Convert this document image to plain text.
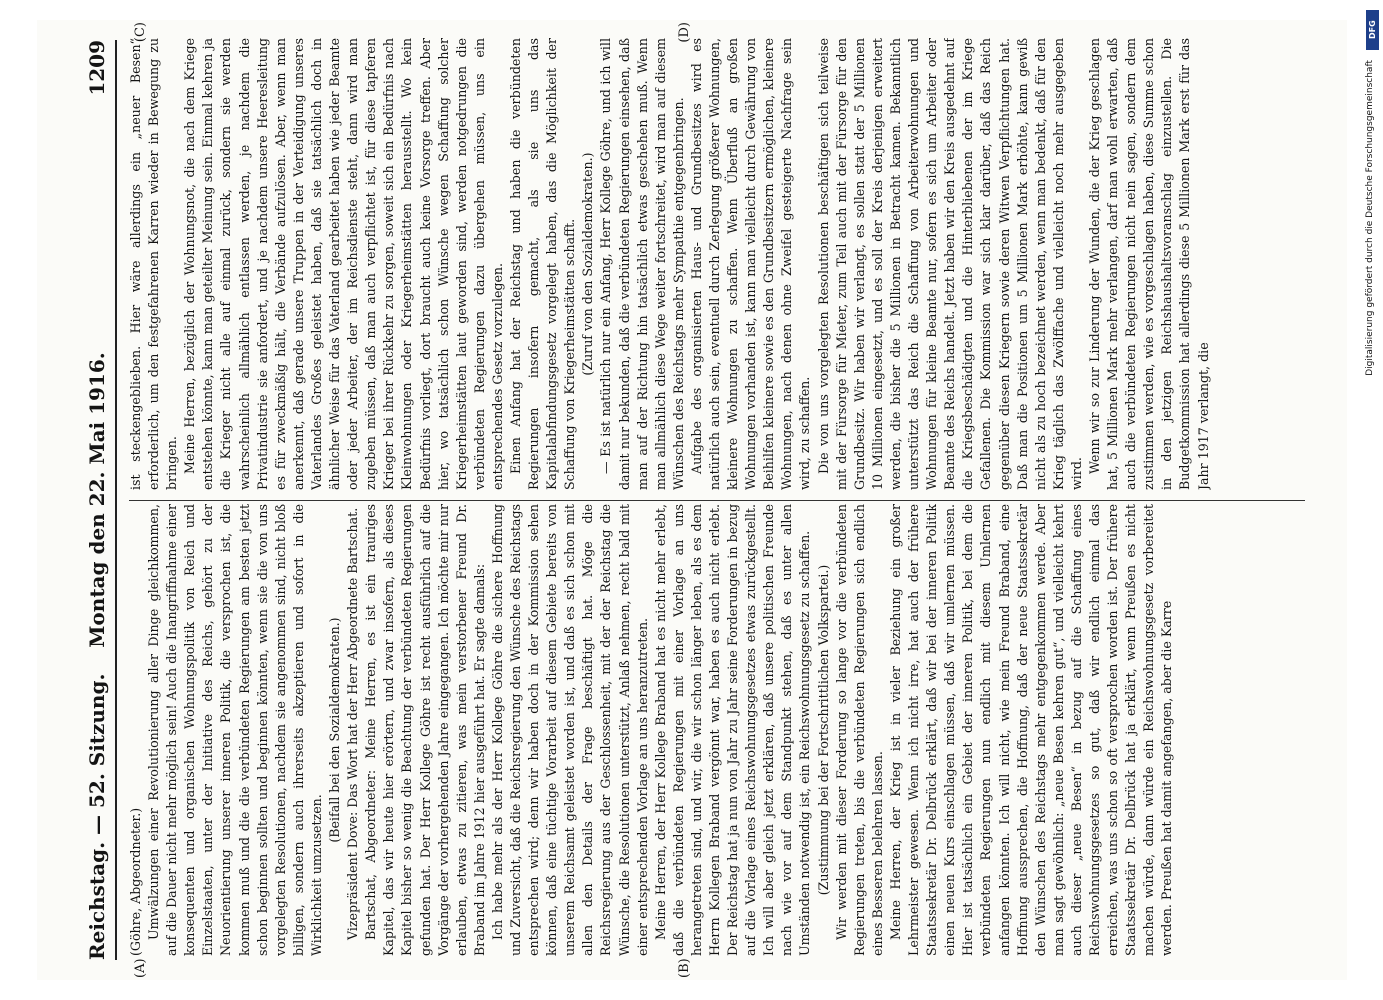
Reichstag. — 52. Sitzung.
Montag den 22. Mai 1916.
1209

(Göhre, Abgeordneter.) Umwälzungen einer Revolutionierung aller Dinge gleichkommen, auf die Dauer nicht mehr möglich sein! Auch die Inangriffnahme einer konsequenten und organischen Wohnungspolitik von Reich und Einzelstaaten, unter der Initiative des Reichs, gehört zu der Neuorientierung unserer inneren Politik, die versprochen ist, die kommen muß und die die verbündeten Regierungen am besten jetzt schon beginnen sollten und beginnen könnten, wenn sie die von uns vorgelegten Resolutionen, nachdem sie angenommen sind, nicht bloß billigen, sondern auch ihrerseits akzeptieren und sofort in die Wirklichkeit umzusetzen.

(Beifall bei den Sozialdemokraten.) Vizepräsident Dove: Das Wort hat der Herr Abgeordnete Bartschat. Bartschat, Abgeordneter: Meine Herren, es ist ein trauriges Kapitel, das wir heute hier erörtern, und zwar insofern, als dieses Kapitel bisher so wenig die Beachtung der verbündeten Regierungen gefunden hat. Der Herr Kollege Göhre ist recht ausführlich auf die Vorgänge der vorhergehenden Jahre eingegangen. Ich möchte mir nur erlauben, etwas zu zitieren, was mein verstorbener Freund Dr. Braband im Jahre 1912 hier ausgeführt hat. Er sagte damals: Ich habe mehr als der Herr Kollege Göhre die sichere Hoffnung und Zuversicht, daß die Reichsregierung den Wünsche des Reichstags entsprechen wird; denn wir haben doch in der Kommission sehen können, daß eine tüchtige Vorarbeit auf diesem Gebiete bereits von unserem Reichsamt geleistet worden ist, und daß es sich schon mit allen den Details der Frage beschäftigt hat. Möge die Reichsregierung aus der Geschlossenheit, mit der der Reichstag die Wünsche, die Resolutionen unterstützt, Anlaß nehmen, recht bald mit einer entsprechenden Vorlage an uns heranzutreten. Meine Herren, der Herr Kollege Braband hat es nicht mehr erlebt, daß die verbündeten Regierungen mit einer Vorlage an uns herangetreten sind, und wir, die wir schon länger leben, als es dem Herrn Kollegen Braband vergönnt war, haben es auch nicht erlebt. Der Reichstag hat ja nun von Jahr zu Jahr seine Forderungen in bezug auf die Vorlage eines Reichswohnungsgesetzes etwas zurückgestellt. Ich will aber gleich jetzt erklären, daß unsere politischen Freunde nach wie vor auf dem Standpunkt stehen, daß es unter allen Umständen notwendig ist, ein Reichswohnungsgesetz zu schaffen. (Zustimmung bei der Fortschrittlichen Volkspartei.) Wir werden mit dieser Forderung so lange vor die verbündeten Regierungen treten, bis die verbündeten Regierungen sich endlich eines Besseren belehren lassen. Meine Herren, der Krieg ist in vieler Beziehung ein großer Lehrmeister gewesen. Wenn ich nicht irre, hat auch der frühere Staatssekretär Dr. Delbrück erklärt, daß wir bei der inneren Politik einen neuen Kurs einschlagen müssen, daß wir umlernen müssen. Hier ist tatsächlich ein Gebiet der inneren Politik, bei dem die verbündeten Regierungen nun endlich mit diesem Umlernen anfangen könnten. Ich will nicht, wie mein Freund Braband, eine Hoffnung aussprechen, die Hoffnung, daß der neue Staatssekretär den Wünschen des Reichstags mehr entgegenkommen werde. Aber man sagt gewöhnlich: „neue Besen kehren gut“, und vielleicht kehrt auch dieser „neue Besen“ in bezug auf die Schaffung eines Reichswohnungsgesetzes so gut, daß wir endlich einmal das erreichen, was uns schon so oft versprochen worden ist. Der frühere Staatssekretär Dr. Delbrück hat ja erklärt, wenn Preußen es nicht machen würde, dann würde ein Reichswohnungsgesetz vorbereitet werden. Preußen hat damit angefangen, aber die Karre

ist steckengeblieben. Hier wäre allerdings ein „neuer Besen“ erforderlich, um den festgefahrenen Karren wieder in Bewegung zu bringen. Meine Herren, bezüglich der Wohnungsnot, die nach dem Kriege entstehen könnte, kann man geteilter Meinung sein. Einmal kehren ja die Krieger nicht alle auf einmal zurück, sondern sie werden wahrscheinlich allmählich entlassen werden, je nachdem die Privatindustrie sie anfordert, und je nachdem unsere Heeresleitung es für zweckmäßig hält, die Verbände aufzulösen. Aber, wenn man anerkennt, daß gerade unsere Truppen in der Verteidigung unseres Vaterlandes Großes geleistet haben, daß sie tatsächlich doch in ähnlicher Weise für das Vaterland gearbeitet haben wie jeder Beamte oder jeder Arbeiter, der im Reichsdienste steht, dann wird man zugeben müssen, daß man auch verpflichtet ist, für diese tapferen Krieger bei ihrer Rückkehr zu sorgen, soweit sich ein Bedürfnis nach Kleinwohnungen oder Kriegerheimstätten herausstellt. Wo kein Bedürfnis vorliegt, dort braucht auch keine Vorsorge treffen. Aber hier, wo tatsächlich schon Wünsche wegen Schaffung solcher Kriegerheimstätten laut geworden sind, werden notgedrungen die verbündeten Regierungen dazu übergehen müssen, uns ein entsprechendes Gesetz vorzulegen. Einen Anfang hat der Reichstag und haben die verbündeten Regierungen insofern gemacht, als sie uns das Kapitalabfindungsgesetz vorgelegt haben, das die Möglichkeit der Schaffung von Kriegerheimstätten schafft. (Zuruf von den Sozialdemokraten.) — Es ist natürlich nur ein Anfang, Herr Kollege Göhre, und ich will damit nur bekunden, daß die verbündeten Regierungen einsehen, daß man auf der Richtung hin tatsächlich etwas geschehen muß. Wenn man allmählich diese Wege weiter fortschreitet, wird man auf diesem Wünschen des Reichstags mehr Sympathie entgegenbringen. Aufgabe des organisierten Haus- und Grundbesitzes wird es natürlich auch sein, eventuell durch Zerlegung größerer Wohnungen, kleinere Wohnungen zu schaffen. Wenn Überfluß an großen Wohnungen vorhanden ist, kann man vielleicht durch Gewährung von Beihilfen kleinere sowie es den Grundbesitzern ermöglichen, kleinere Wohnungen, nach denen ohne Zweifel gesteigerte Nachfrage sein wird, zu schaffen. Die von uns vorgelegten Resolutionen beschäftigen sich teilweise mit der Fürsorge für Mieter, zum Teil auch mit der Fürsorge für den Grundbesitz. Wir haben wir verlangt, es sollen statt der 5 Millionen 10 Millionen eingesetzt, und es soll der Kreis derjenigen erweitert werden, die bisher die 5 Millionen in Betracht kamen. Bekanntlich unterstützt das Reich die Schaffung von Arbeiterwohnungen und Wohnungen für kleine Beamte nur, sofern es sich um Arbeiter oder Beamte des Reichs handelt. Jetzt haben wir den Kreis ausgedehnt auf die Kriegsbeschädigten und die Hinterbliebenen der im Kriege Gefallenen. Die Kommission war sich klar darüber, daß das Reich gegenüber diesen Kriegern sowie deren Witwen Verpflichtungen hat. Daß man die Positionen um 5 Millionen Mark erhöhte, kann gewiß nicht als zu hoch bezeichnet werden, wenn man bedenkt, daß für den Krieg täglich das Zwölffache und vielleicht noch mehr ausgegeben wird. Wenn wir so zur Linderung der Wunden, die der Krieg geschlagen hat, 5 Millionen Mark mehr verlangen, darf man wohl erwarten, daß auch die verbündeten Regierungen nicht nein sagen, sondern dem zustimmen werden, wie es vorgeschlagen haben, diese Summe schon in den jetzigen Reichshaushaltsvoranschlag einzustellen. Die Budgetkommission hat allerdings diese 5 Millionen Mark erst für das Jahr 1917 verlangt, die

(A)	(B)
(C)	(D)	DFG
Digitalisierung gefördert durch die Deutsche Forschungsgemeinschaft
